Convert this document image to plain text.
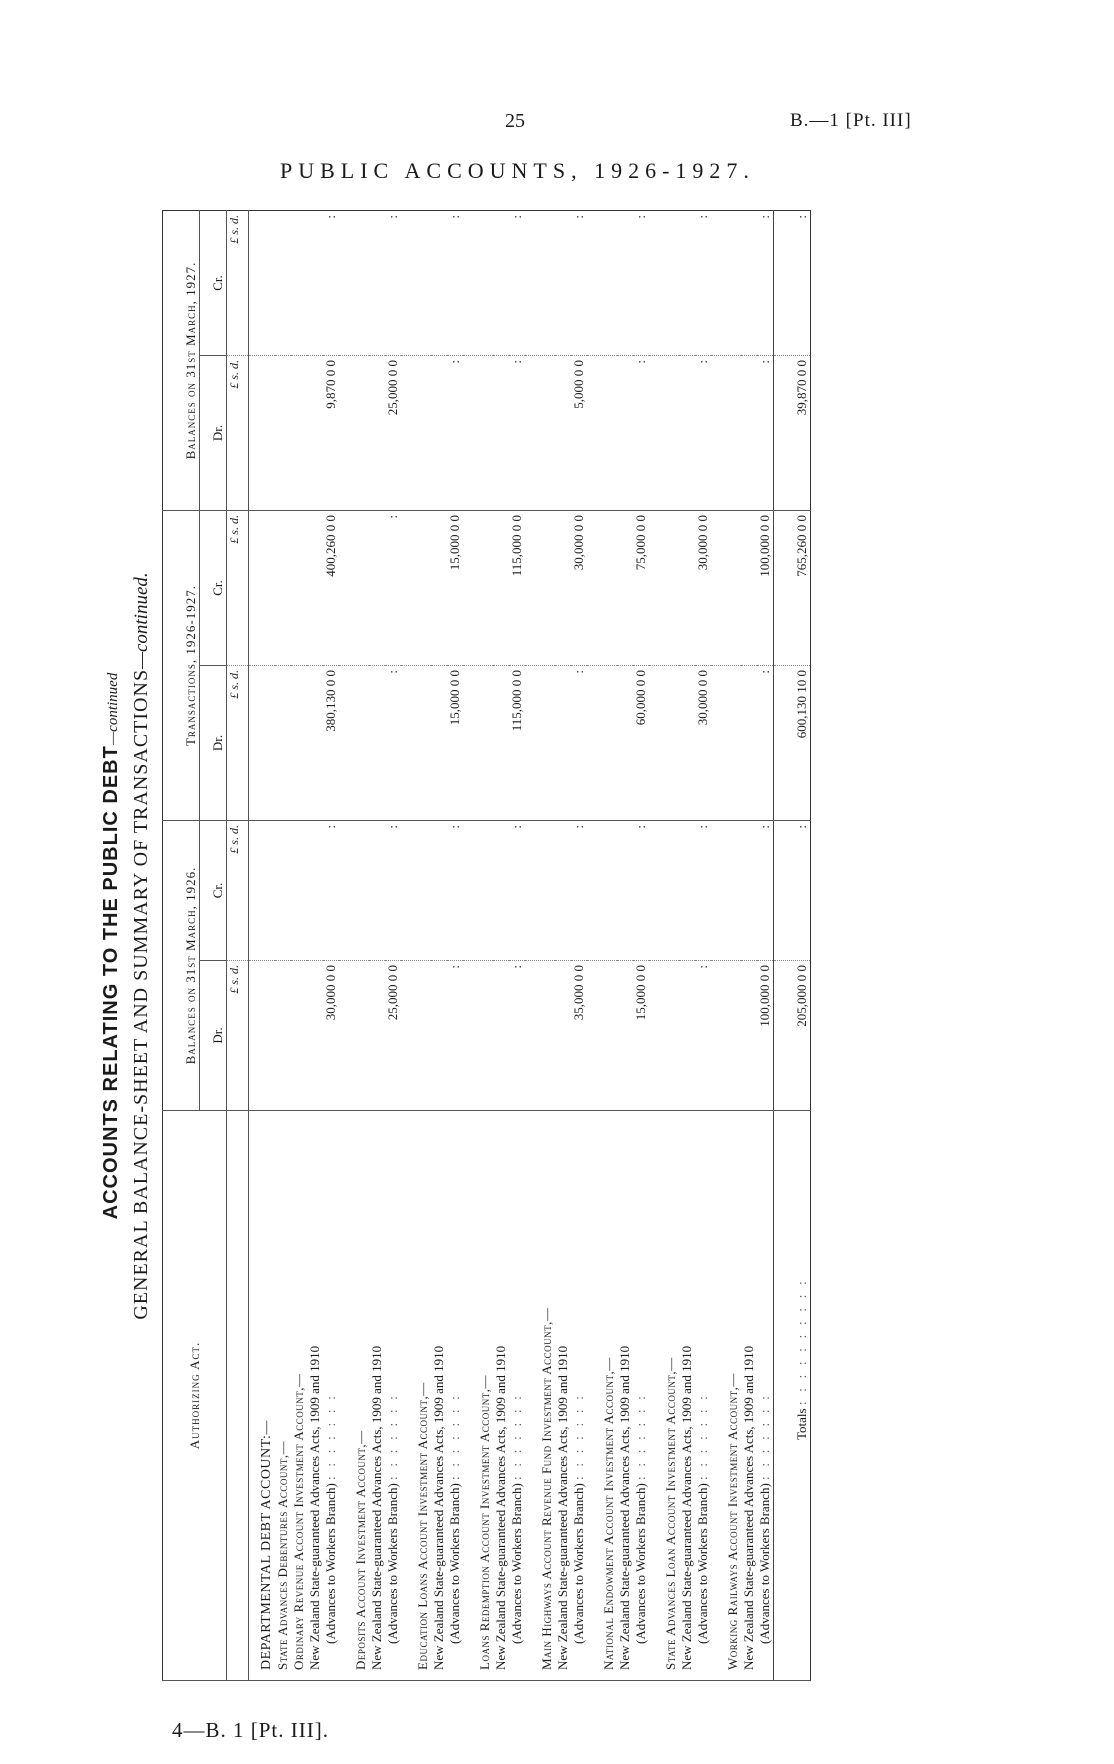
25	B.—1 [Pt. III]
PUBLIC ACCOUNTS, 1926-1927.
ACCOUNTS RELATING TO THE PUBLIC DEBT—continued GENERAL BALANCE-SHEET AND SUMMARY OF TRANSACTIONS—continued.
Authorizing Act.	Balances on 31st March, 1926.		Transactions, 1926-1927.		Balances on 31st March, 1927.	
	Dr.	Cr.	Dr.	Cr.	Dr.	Cr.
	£ s. d.	£ s. d.	£ s. d.	£ s. d.	£ s. d.	£ s. d.
DEPARTMENTAL DEBT ACCOUNT:—						
State Advances Debentures Account,—						
Ordinary Revenue Account Investment Account,—						
New Zealand State-guaranteed Advances Acts, 1909 and 1910						
(Advances to Workers Branch) :   :   :   :   :   :   :	30,000 0 0	:	380,130 0 0	400,260 0 0	9,870 0 0	:
Deposits Account Investment Account,—						
New Zealand State-guaranteed Advances Acts, 1909 and 1910						
(Advances to Workers Branch) :   :   :   :   :   :   :	25,000 0 0	:	:	:	25,000 0 0	:
Education Loans Account Investment Account,—						
New Zealand State-guaranteed Advances Acts, 1909 and 1910						
(Advances to Workers Branch) :   :   :   :   :   :   :	:	:	15,000 0 0	15,000 0 0	:	:
Loans Redemption Account Investment Account,—						
New Zealand State-guaranteed Advances Acts, 1909 and 1910						
(Advances to Workers Branch) :   :   :   :   :   :   :	:	:	115,000 0 0	115,000 0 0	:	:
Main Highways Account Revenue Fund Investment Account,—						
New Zealand State-guaranteed Advances Acts, 1909 and 1910						
(Advances to Workers Branch) :   :   :   :   :   :   :	35,000 0 0	:	:	30,000 0 0	5,000 0 0	:
National Endowment Account Investment Account,—						
New Zealand State-guaranteed Advances Acts, 1909 and 1910						
(Advances to Workers Branch) :   :   :   :   :   :   :	15,000 0 0	:	60,000 0 0	75,000 0 0	:	:
State Advances Loan Account Investment Account,—						
New Zealand State-guaranteed Advances Acts, 1909 and 1910						
(Advances to Workers Branch) :   :   :   :   :   :   :	:	:	30,000 0 0	30,000 0 0	:	:
Working Railways Account Investment Account,—						
New Zealand State-guaranteed Advances Acts, 1909 and 1910						
(Advances to Workers Branch) :   :   :   :   :   :   :	100,000 0 0	:	:	100,000 0 0	:	:
Totals :   :   :   :   :   :   :   :   :   :	205,000 0 0	:	600,130 10 0	765,260 0 0	39,870 0 0	:
4—B. 1 [Pt. III].
